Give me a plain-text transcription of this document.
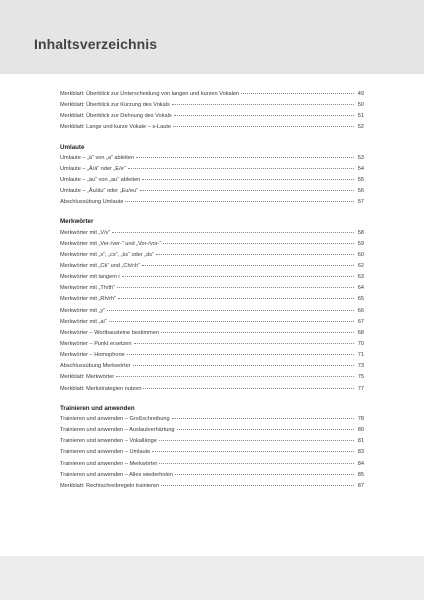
Inhaltsverzeichnis
Merkblatt: Überblick zur Unterscheidung von langen und kurzen Vokalen	49
Merkblatt: Überblick zur Kürzung des Vokals	50
Merkblatt: Überblick zur Dehnung des Vokals	51
Merkblatt: Lange und kurze Vokale – s-Laute	52
Umlaute
Umlaute – „ä“ von „a“ ableiten	53
Umlaute – „Ä/ä“ oder „E/e“	54
Umlaute – „äu“ von „au“ ableiten	55
Umlaute – „Äu/äu“ oder „Eu/eu“	56
Abschlussübung Umlaute	57
Merkwörter
Merkwörter mit „V/v“	58
Merkwörter mit „Ver-/ver-“ und „Vor-/vor-“	59
Merkwörter mit „x“, „cs“, „ks“ oder „ds“	60
Merkwörter mit „Ck“ und „Ch/ch“	62
Merkwörter mit langem i	63
Merkwörter mit „Th/th“	64
Merkwörter mit „Rh/rh“	65
Merkwörter mit „y“	66
Merkwörter mit „ai“	67
Merkwörter – Wortbausteine bestimmen	68
Merkwörter – Punkt ersetzen	70
Merkwörter – Homophone	71
Abschlussübung Merkwörter	73
Merkblatt: Merkwörter	75
Merkblatt: Merkstrategien nutzen	77
Trainieren und anwenden
Trainieren und anwenden – Großschreibung	78
Trainieren und anwenden – Auslautverhärtung	80
Trainieren und anwenden – Vokallänge	81
Trainieren und anwenden – Umlaute	83
Trainieren und anwenden – Merkwörter	84
Trainieren und anwenden – Alles wiederholen	85
Merkblatt: Rechtschreibregeln trainieren	87
